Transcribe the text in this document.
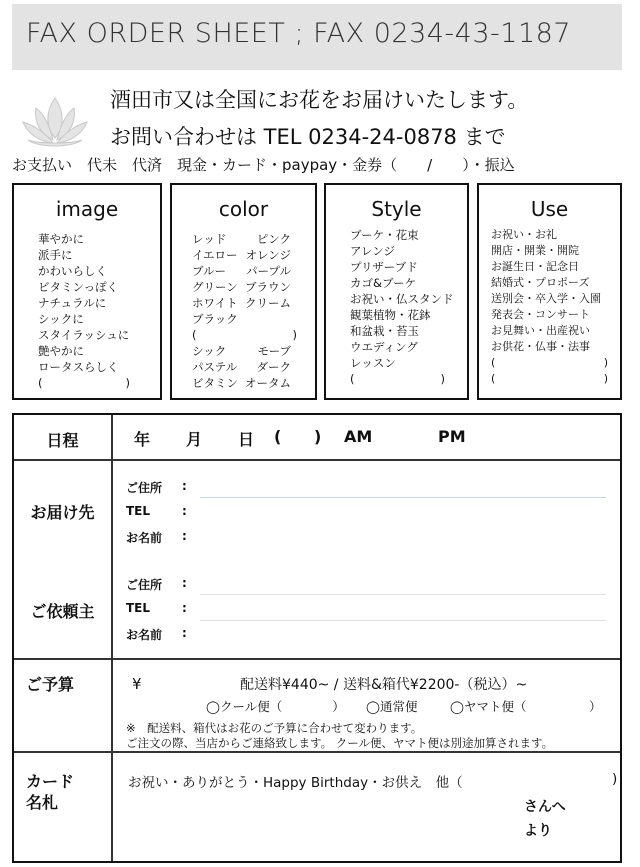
FAX ORDER SHEET ; FAX 0234-43-1187
酒田市又は全国にお花をお届けいたします。
お問い合わせは TEL 0234-24-0878 まで
お支払い　代未　代済　現金・カード・paypay・金券（　　/　　）・振込
image
華やかに
派手に
かわいらしく
ビタミンっぽく
ナチュラルに
シックに
スタイラッシュに
艶やかに
ロータスらしく
(	)
color
レッド	ピンク
イエロー オレンジ
ブルー パープル
グリーン ブラウン
ホワイト クリーム
ブラック
(	)
シック	モーブ
パステル ダーク
ビタミン オータム
Style
ブーケ・花束
アレンジ
プリザーブド
カゴ&ブーケ
お祝い・仏スタンド
観葉植物・花鉢
和盆栽・苔玉
ウエディング
レッスン
(	)
Use
お祝い・お礼
開店・開業・開院
お誕生日・記念日
結婚式・プロポーズ
送別会・卒入学・入園
発表会・コンサート
お見舞い・出産祝い
お供花・仏事・法事
(	)
(	)
日程	年 月 日 ( ) AM	PM
お届け先
ご住所 :
TEL	:
お名前 :
ご依頼主
ご住所 :
TEL	:
お名前 :
ご予算	¥	配送料¥440~ / 送料&箱代¥2200-（税込）~
◯クール便（　　　　） ◯通常便	◯ヤマト便（　　　　　）
※　配送料、箱代はお花のご予算に合わせて変わります。
ご注文の際、当店からご連絡致します。 クール便、ヤマト便は別途加算されます。
カード
名札
お祝い・ありがとう・Happy Birthday・お供え　他（　　　　　	)
さんへ
より
